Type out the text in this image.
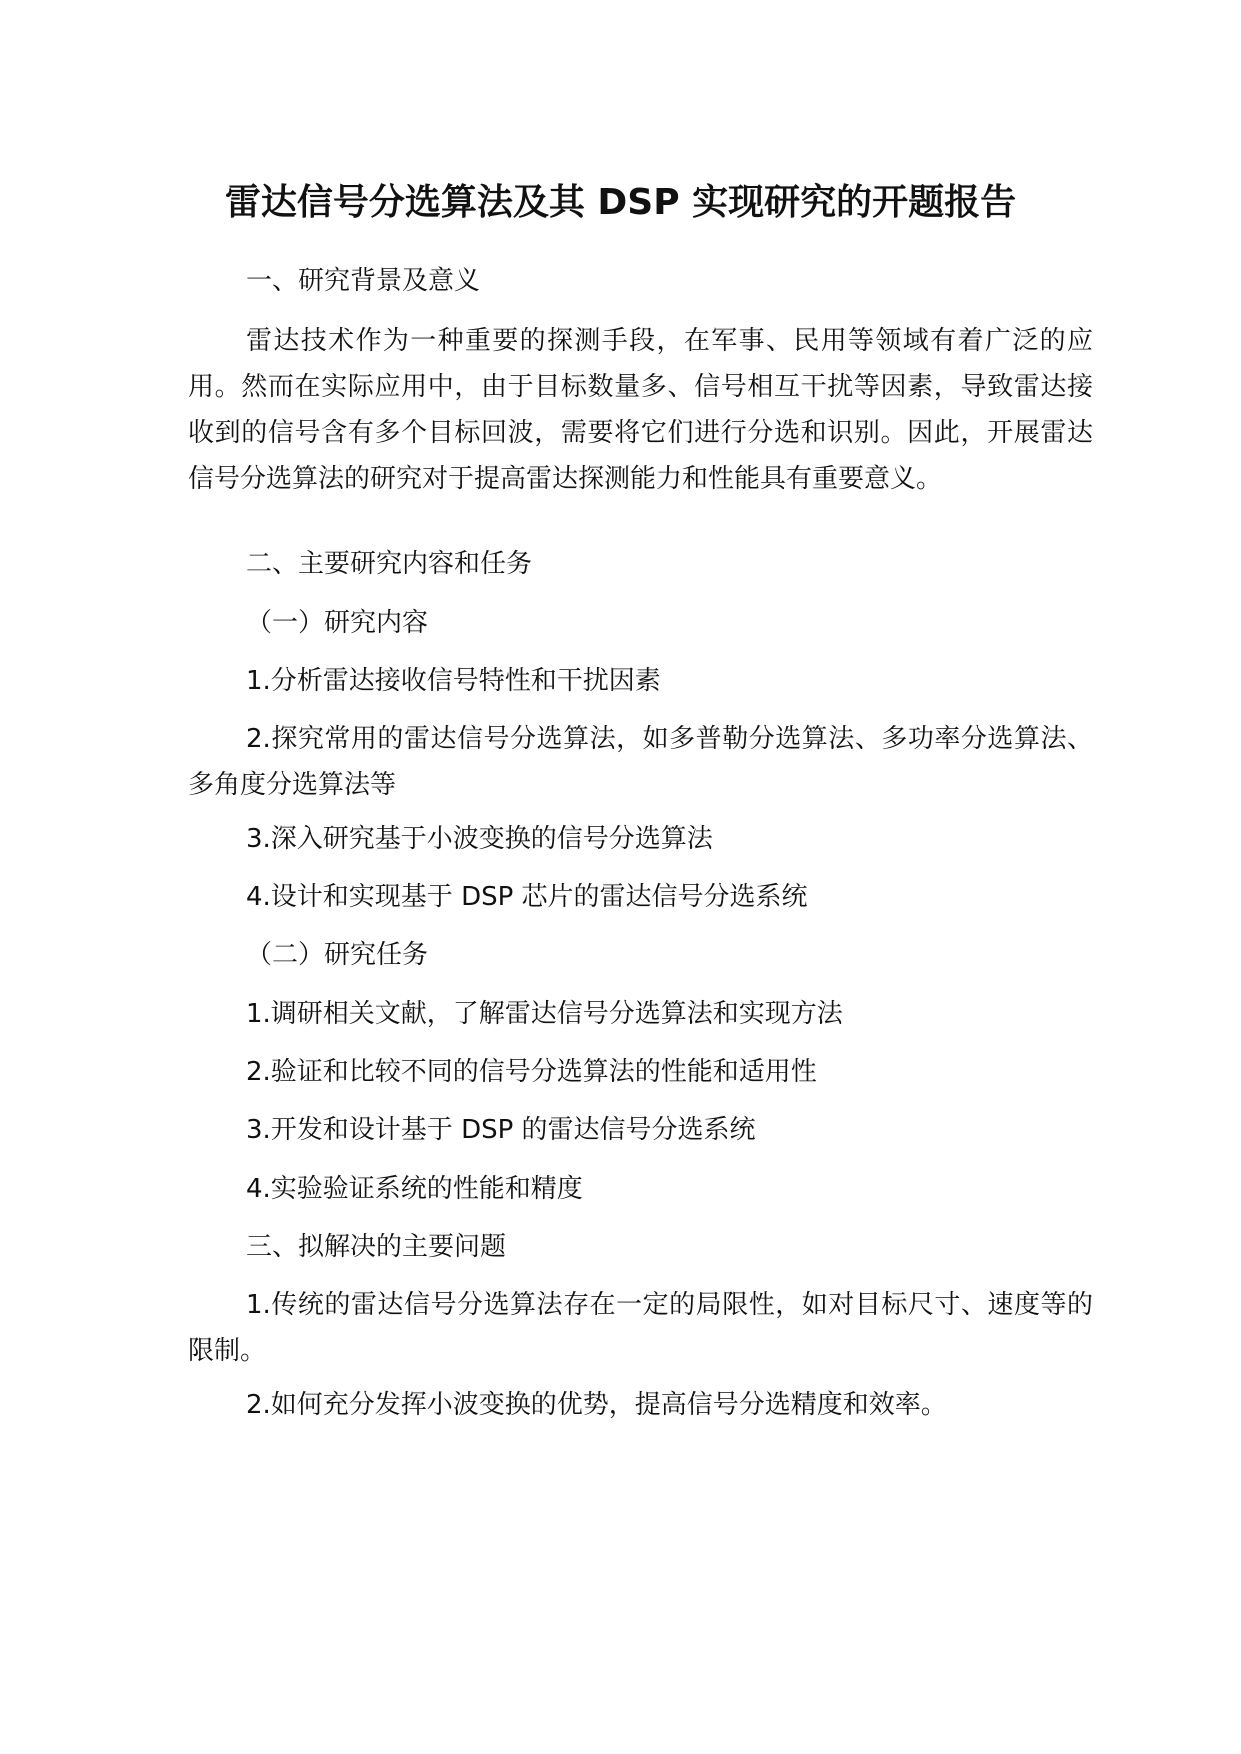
雷达信号分选算法及其 DSP 实现研究的开题报告
一、研究背景及意义

雷达技术作为一种重要的探测手段，在军事、民用等领域有着广泛的应用。然而在实际应用中，由于目标数量多、信号相互干扰等因素，导致雷达接收到的信号含有多个目标回波，需要将它们进行分选和识别。因此，开展雷达信号分选算法的研究对于提高雷达探测能力和性能具有重要意义。

二、主要研究内容和任务
（一）研究内容
1.分析雷达接收信号特性和干扰因素

2.探究常用的雷达信号分选算法，如多普勒分选算法、多功率分选算法、多角度分选算法等

3.深入研究基于小波变换的信号分选算法
4.设计和实现基于 DSP 芯片的雷达信号分选系统
（二）研究任务
1.调研相关文献，了解雷达信号分选算法和实现方法
2.验证和比较不同的信号分选算法的性能和适用性
3.开发和设计基于 DSP 的雷达信号分选系统
4.实验验证系统的性能和精度
三、拟解决的主要问题

1.传统的雷达信号分选算法存在一定的局限性，如对目标尺寸、速度等的限制。

2.如何充分发挥小波变换的优势，提高信号分选精度和效率。
